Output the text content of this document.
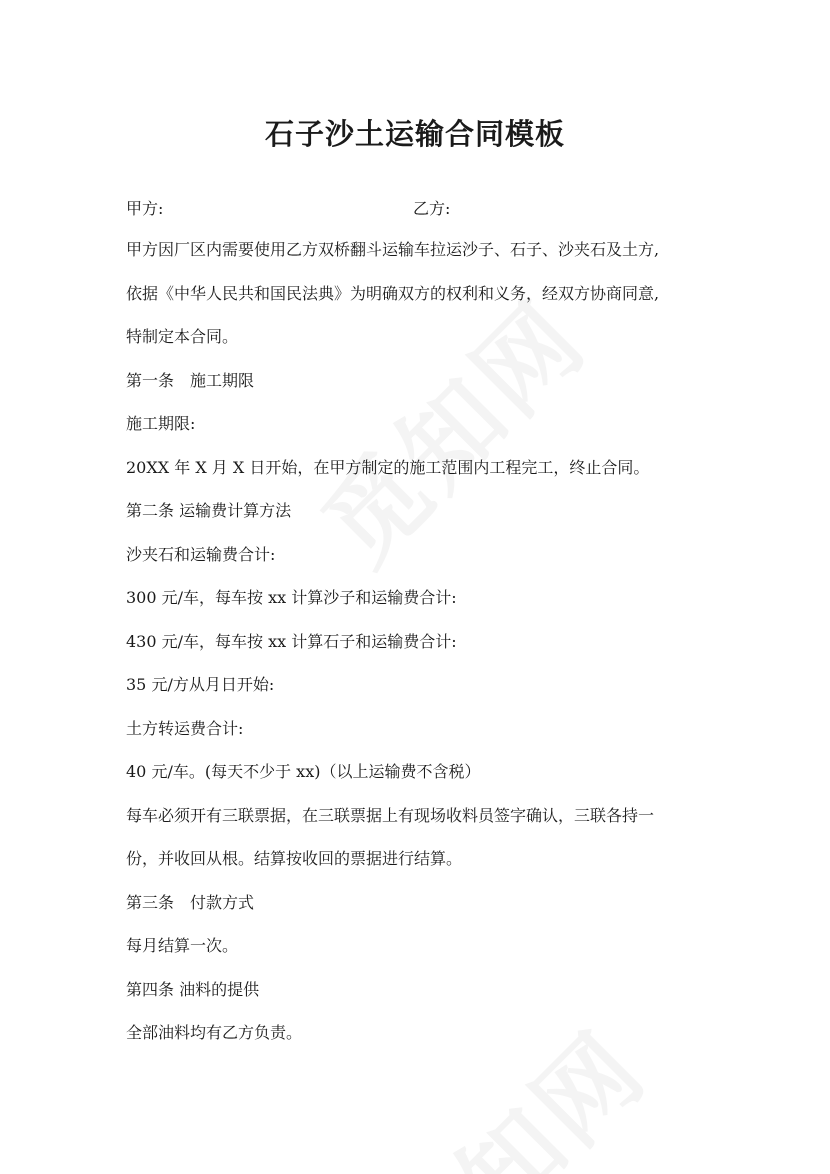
石子沙土运输合同模板
甲方:	乙方:
甲方因厂区内需要使用乙方双桥翻斗运输车拉运沙子、石子、沙夹石及土方,
依据《中华人民共和国民法典》为明确双方的权利和义务，经双方协商同意,
特制定本合同。
第一条　施工期限
施工期限:
20XX 年 X 月 X 日开始，在甲方制定的施工范围内工程完工，终止合同。
第二条 运输费计算方法
沙夹石和运输费合计:
300 元/车，每车按 xx 计算沙子和运输费合计:
430 元/车，每车按 xx 计算石子和运输费合计:
35 元/方从月日开始:
土方转运费合计:
40 元/车。(每天不少于 xx)（以上运输费不含税）
每车必须开有三联票据，在三联票据上有现场收料员签字确认，三联各持一
份，并收回从根。结算按收回的票据进行结算。
第三条　付款方式
每月结算一次。
第四条 油料的提供
全部油料均有乙方负责。
